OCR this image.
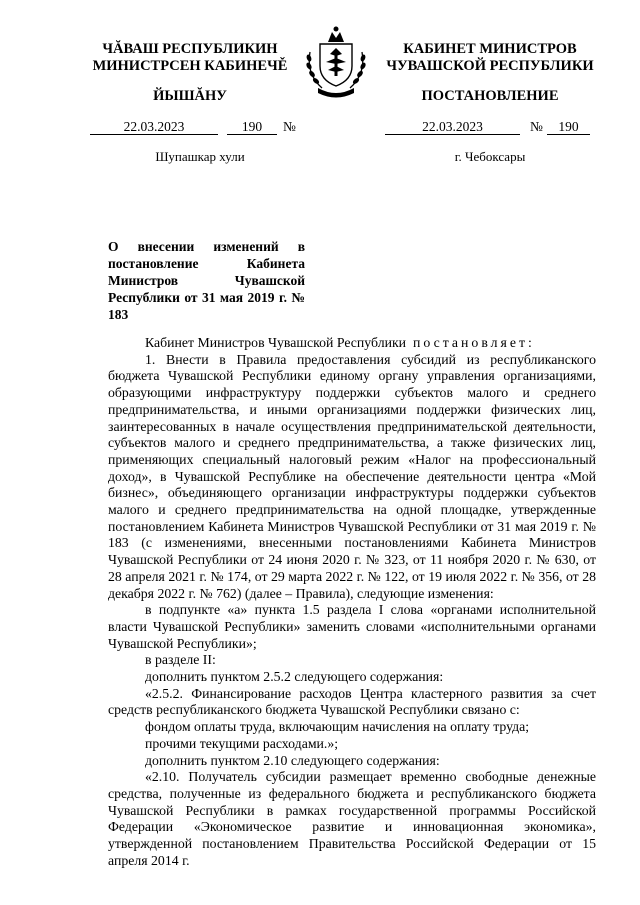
ЧĂВАШ РЕСПУБЛИКИН

МИНИСТРСЕН КАБИНЕЧĚ

ЙЫШĂНУ

КАБИНЕТ МИНИСТРОВ

ЧУВАШСКОЙ РЕСПУБЛИКИ

ПОСТАНОВЛЕНИЕ

22.03.2023	190	№	22.03.2023	№	190
Шупашкар хули	г. Чебоксары

О внесении изменений в постановление Кабинета Министров Чувашской Республики от 31 мая 2019 г. № 183

Кабинет Министров Чувашской Республики постановляет:

1. Внести в Правила предоставления субсидий из республиканского бюджета Чувашской Республики единому органу управления организациями, образующими инфраструктуру поддержки субъектов малого и среднего предпринимательства, и иными организациями поддержки физических лиц, заинтересованных в начале осуществления предпринимательской деятельности, субъектов малого и среднего предпринимательства, а также физических лиц, применяющих специальный налоговый режим «Налог на профессиональный доход», в Чувашской Республике на обеспечение деятельности центра «Мой бизнес», объединяющего организации инфраструктуры поддержки субъектов малого и среднего предпринимательства на одной площадке, утвержденные постановлением Кабинета Министров Чувашской Республики от 31 мая 2019 г. № 183 (с изменениями, внесенными постановлениями Кабинета Министров Чувашской Республики от 24 июня 2020 г. № 323, от 11 ноября 2020 г. № 630, от 28 апреля 2021 г. № 174, от 29 марта 2022 г. № 122, от 19 июля 2022 г. № 356, от 28 декабря 2022 г. № 762) (далее – Правила), следующие изменения:

в подпункте «а» пункта 1.5 раздела I слова «органами исполнительной власти Чувашской Республики» заменить словами «исполнительными органами Чувашской Республики»;

в разделе II:

дополнить пунктом 2.5.2 следующего содержания:

«2.5.2. Финансирование расходов Центра кластерного развития за счет средств республиканского бюджета Чувашской Республики связано с:

фондом оплаты труда, включающим начисления на оплату труда;

прочими текущими расходами.»;

дополнить пунктом 2.10 следующего содержания:

«2.10. Получатель субсидии размещает временно свободные денежные средства, полученные из федерального бюджета и республиканского бюджета Чувашской Республики в рамках государственной программы Российской Федерации «Экономическое развитие и инновационная экономика», утвержденной постановлением Правительства Российской Федерации от 15 апреля 2014 г.
